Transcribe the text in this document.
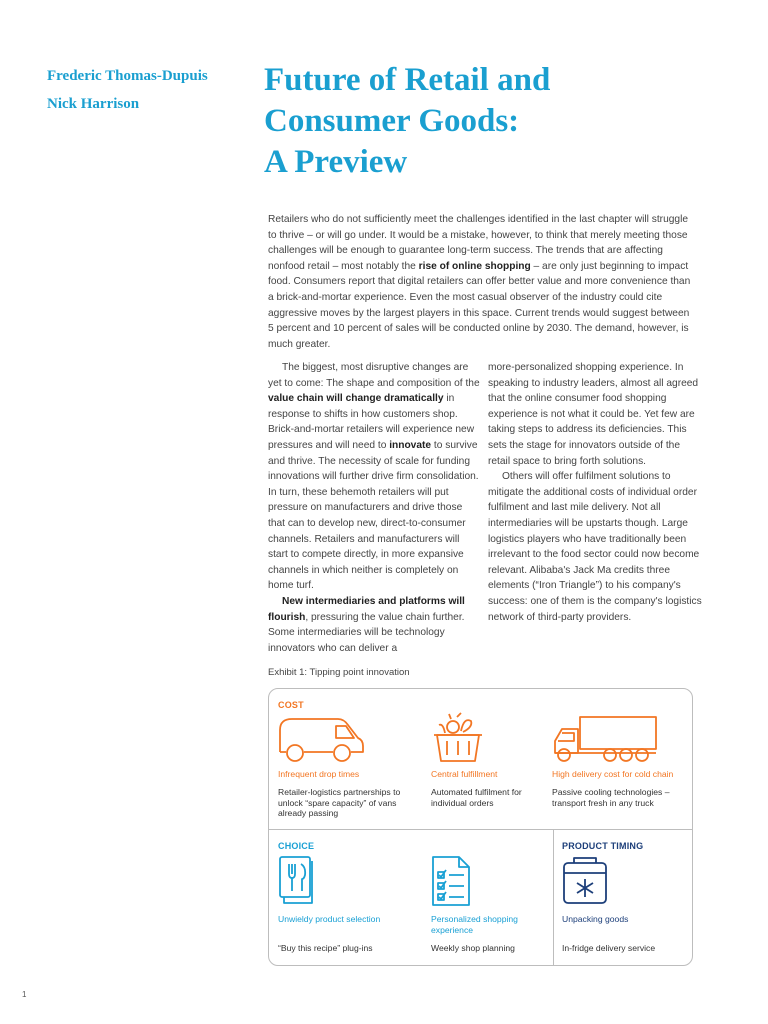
Frederic Thomas-Dupuis
Nick Harrison
Future of Retail and
Consumer Goods:
A Preview

Retailers who do not sufficiently meet the challenges identified in the last chapter will struggle to thrive – or will go under. It would be a mistake, however, to think that merely meeting those challenges will be enough to guarantee long-term success. The trends that are affecting nonfood retail – most notably the rise of online shopping – are only just beginning to impact food. Consumers report that digital retailers can offer better value and more convenience than a brick-and-mortar experience. Even the most casual observer of the industry could cite aggressive moves by the largest players in this space. Current trends would suggest between 5 percent and 10 percent of sales will be conducted online by 2030. The demand, however, is much greater.

The biggest, most disruptive changes are yet to come: The shape and composition of the value chain will change dramatically in response to shifts in how customers shop. Brick-and-mortar retailers will experience new pressures and will need to innovate to survive and thrive. The necessity of scale for funding innovations will further drive firm consolidation. In turn, these behemoth retailers will put pressure on manufacturers and drive those that can to develop new, direct-to-consumer channels. Retailers and manufacturers will start to compete directly, in more expansive channels in which neither is completely on home turf.

New intermediaries and platforms will flourish, pressuring the value chain further. Some intermediaries will be technology innovators who can deliver a

more-personalized shopping experience. In speaking to industry leaders, almost all agreed that the online consumer food shopping experience is not what it could be. Yet few are taking steps to address its deficiencies. This sets the stage for innovators outside of the retail space to bring forth solutions.

Others will offer fulfilment solutions to mitigate the additional costs of individual order fulfilment and last mile delivery. Not all intermediaries will be upstarts though. Large logistics players who have traditionally been irrelevant to the food sector could now become relevant. Alibaba's Jack Ma credits three elements (“Iron Triangle”) to his company's success: one of them is the company's logistics network of third-party providers.

Exhibit 1: Tipping point innovation
COST
Infrequent drop times
Retailer-logistics partnerships to unlock “spare capacity” of vans already passing
Central fulfillment
Automated fulfilment for individual orders
High delivery cost for cold chain
Passive cooling technologies – transport fresh in any truck
CHOICE
Unwieldy product selection
“Buy this recipe” plug-ins
Personalized shopping experience
Weekly shop planning
PRODUCT TIMING
Unpacking goods
In-fridge delivery service
1
